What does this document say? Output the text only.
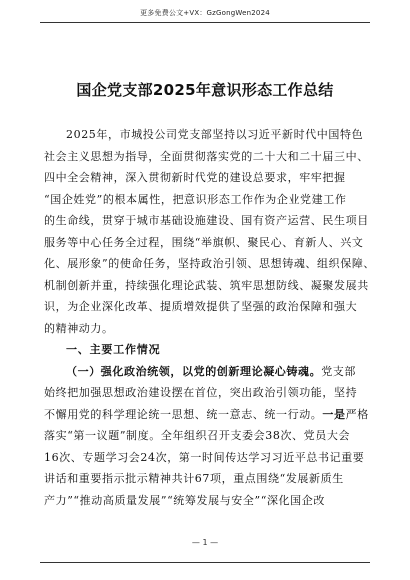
更多免费公文+VX：GzGongWen2024
国企党支部2025年意识形态工作总结
2025年，市城投公司党支部坚持以习近平新时代中国特色
社会主义思想为指导，全面贯彻落实党的二十大和二十届三中、
四中全会精神，深入贯彻新时代党的建设总要求，牢牢把握
“国企姓党”的根本属性，把意识形态工作作为企业党建工作
的生命线，贯穿于城市基础设施建设、国有资产运营、民生项目
服务等中心任务全过程，围绕“举旗帜、聚民心、育新人、兴文
化、展形象”的使命任务，坚持政治引领、思想铸魂、组织保障、
机制创新并重，持续强化理论武装、筑牢思想防线、凝聚发展共
识，为企业深化改革、提质增效提供了坚强的政治保障和强大
的精神动力。
一、主要工作情况
（一）强化政治统领，以党的创新理论凝心铸魂。党支部
始终把加强思想政治建设摆在首位，突出政治引领功能，坚持
不懈用党的科学理论统一思想、统一意志、统一行动。一是严格
落实“第一议题”制度。全年组织召开支委会38次、党员大会
16次、专题学习会24次，第一时间传达学习习近平总书记重要
讲话和重要指示批示精神共计67项，重点围绕“发展新质生
产力”“推动高质量发展”“统筹发展与安全”“深化国企改
— 1 —
